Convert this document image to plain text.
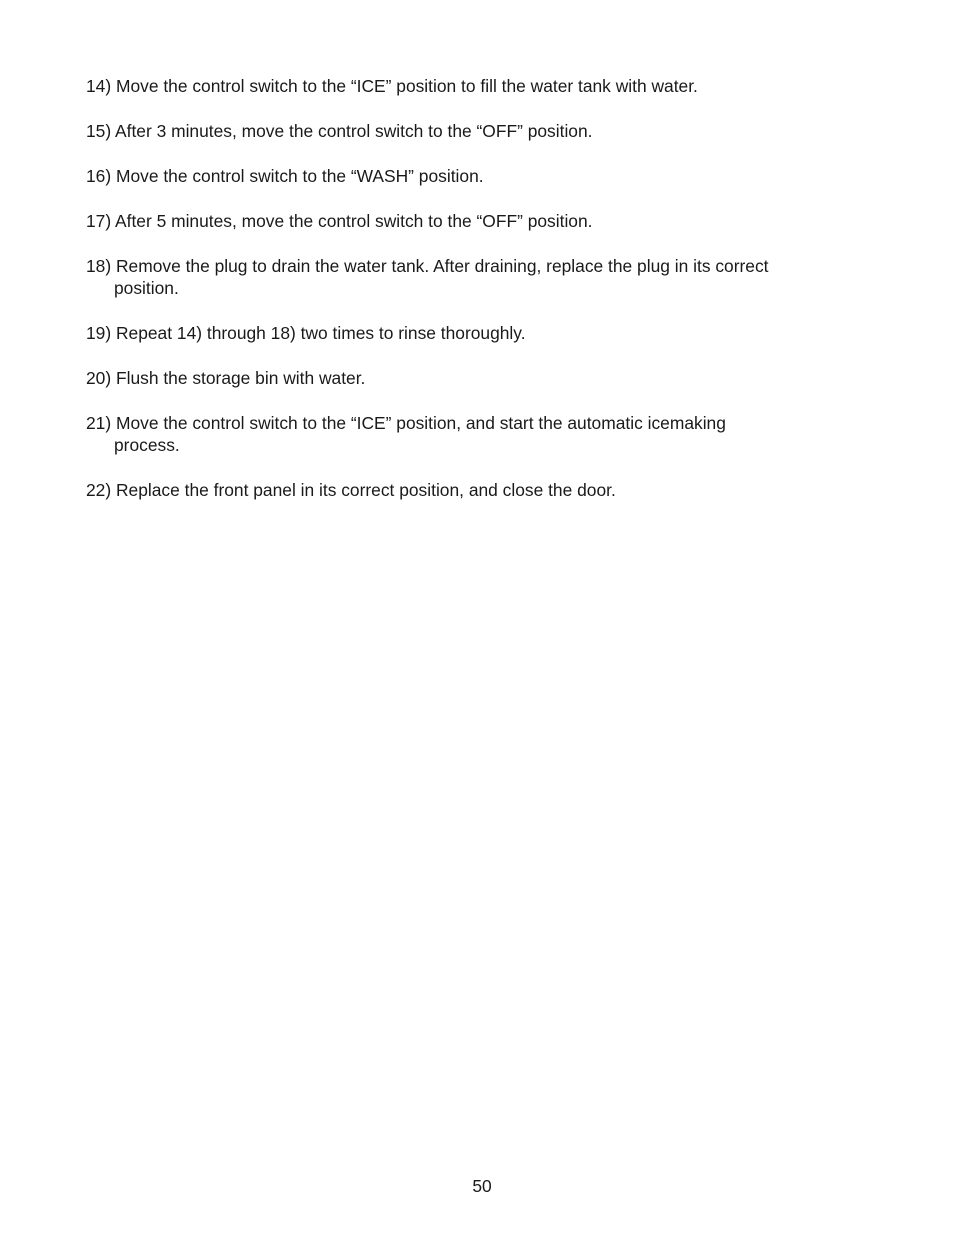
14) Move the control switch to the “ICE” position to fill the water tank with water.
15) After 3 minutes, move the control switch to the “OFF” position.
16) Move the control switch to the “WASH” position.
17) After 5 minutes, move the control switch to the “OFF” position.
18) Remove the plug to drain the water tank. After draining, replace the plug in its correct
position.
19) Repeat 14) through 18) two times to rinse thoroughly.
20) Flush the storage bin with water.
21) Move the control switch to the “ICE” position, and start the automatic icemaking
process.
22) Replace the front panel in its correct position, and close the door.
50
